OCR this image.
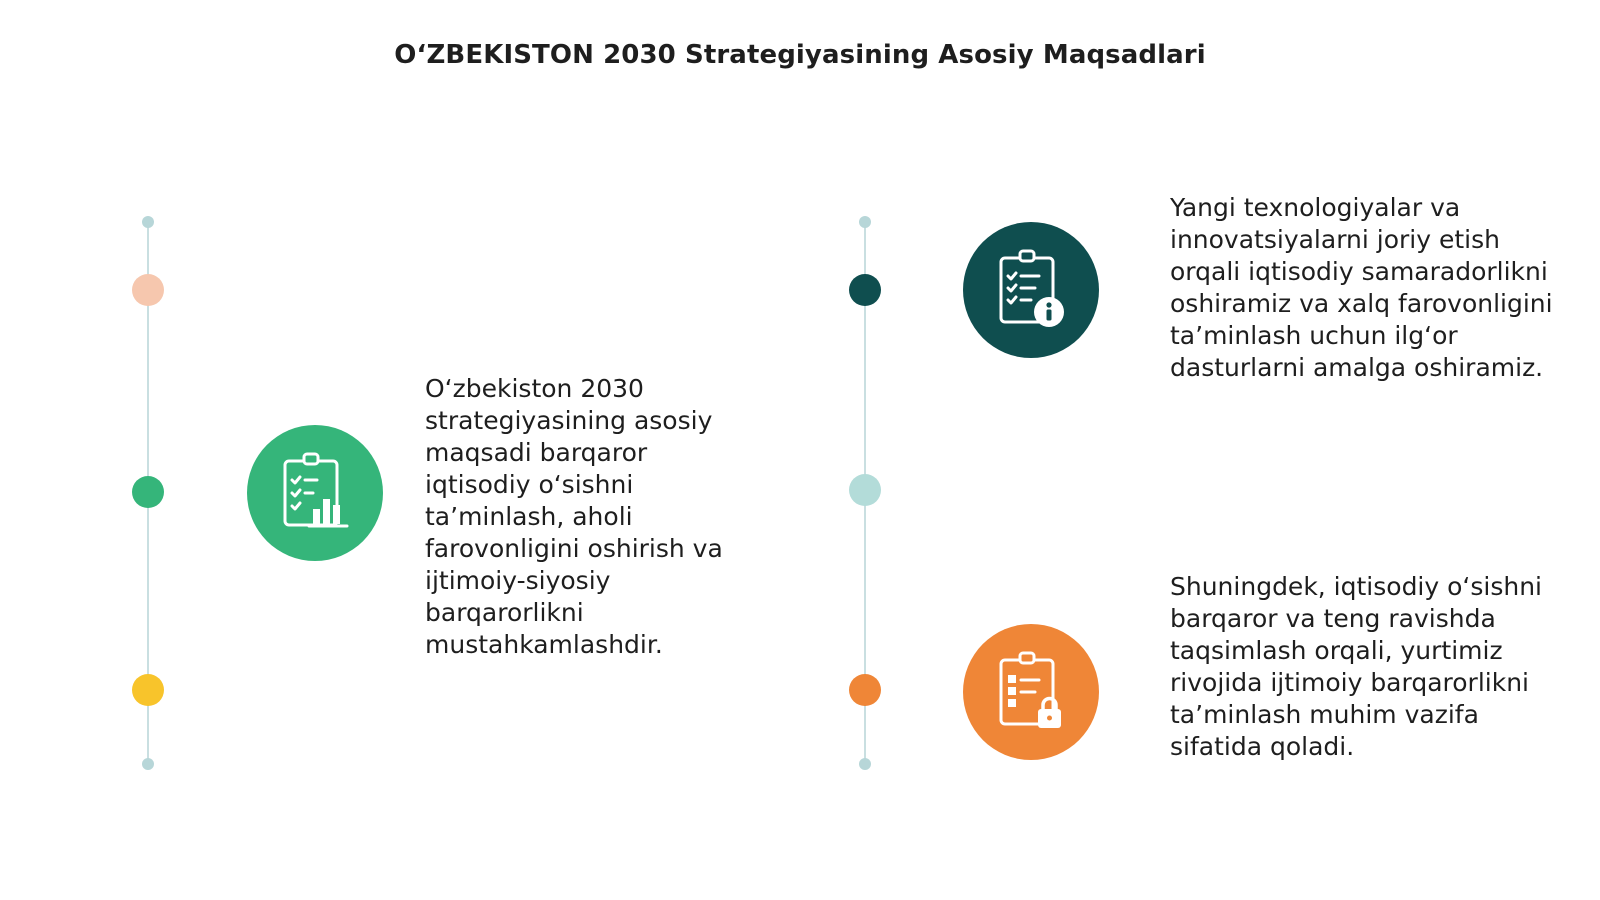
O‘ZBEKISTON 2030 Strategiyasining Asosiy Maqsadlari

O‘zbekiston 2030 strategiyasining asosiy maqsadi barqaror iqtisodiy o‘sishni ta’minlash, aholi farovonligini oshirish va ijtimoiy-siyosiy barqarorlikni mustahkamlashdir.

Yangi texnologiyalar va innovatsiyalarni joriy etish orqali iqtisodiy samaradorlikni oshiramiz va xalq farovonligini ta’minlash uchun ilg‘or dasturlarni amalga oshiramiz.

Shuningdek, iqtisodiy o‘sishni barqaror va teng ravishda taqsimlash orqali, yurtimiz rivojida ijtimoiy barqarorlikni ta’minlash muhim vazifa sifatida qoladi.
